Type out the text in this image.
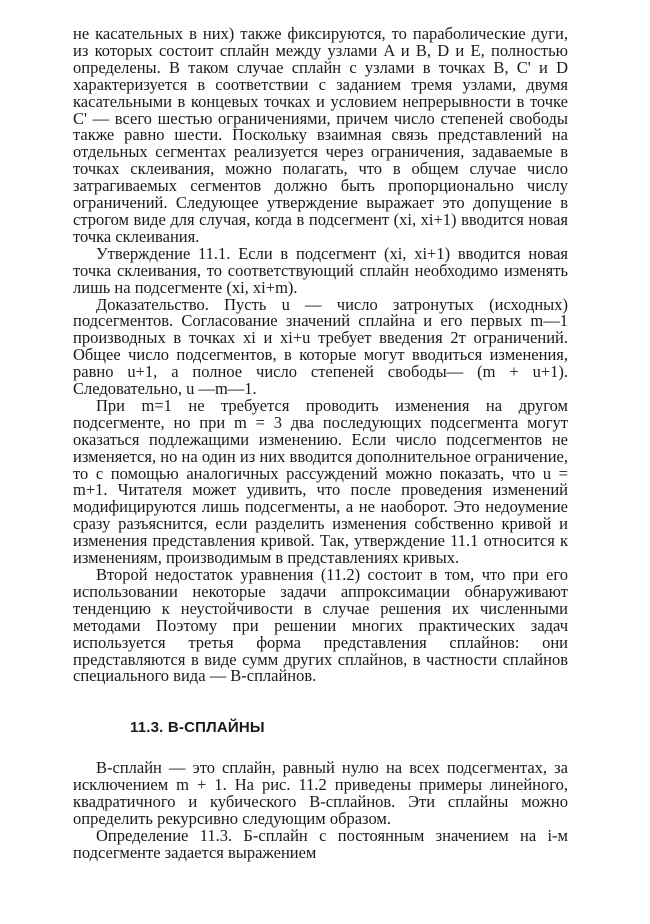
не касательных в них) также фиксируются, то параболические дуги, из которых состоит сплайн между узлами A и B, D и E, полностью определены. В таком случае сплайн с узлами в точках B, C' и D характеризуется в соответствии с заданием тремя узлами, двумя касательными в концевых точках и условием непрерывности в точке C' — всего шестью ограничениями, причем число степеней свободы также равно шести. Поскольку взаимная связь представлений на отдельных сегментах реализуется через ограничения, задаваемые в точках склеивания, можно полагать, что в общем случае число затрагиваемых сегментов должно быть пропорционально числу ограничений. Следующее утверждение выражает это допущение в строгом виде для случая, когда в подсегмент (xi, xi+1) вводится новая точка склеивания.

Утверждение 11.1. Если в подсегмент (xi, xi+1) вводится новая точка склеивания, то соответствующий сплайн необходимо изменять лишь на подсегменте (xi, xi+m).

Доказательство. Пусть u — число затронутых (исходных) подсегментов. Согласование значений сплайна и его первых m—1 производных в точках xi и xi+u требует введения 2т ограничений. Общее число подсегментов, в которые могут вводиться изменения, равно u+1, а полное число степеней свободы— (m + u+1). Следовательно, u —m—1.

При m=1 не требуется проводить изменения на другом подсегменте, но при m = 3 два последующих подсегмента могут оказаться подлежащими изменению. Если число подсегментов не изменяется, но на один из них вводится дополнительное ограничение, то с помощью аналогичных рассуждений можно показать, что u = m+1. Читателя может удивить, что после проведения изменений модифицируются лишь подсегменты, а не наоборот. Это недоумение сразу разъяснится, если разделить изменения собственно кривой и изменения представления кривой. Так, утверждение 11.1 относится к изменениям, производимым в представлениях кривых.

Второй недостаток уравнения (11.2) состоит в том, что при его использовании некоторые задачи аппроксимации обнаруживают тенденцию к неустойчивости в случае решения их численными методами Поэтому при решении многих практических задач используется третья форма представления сплайнов: они представляются в виде сумм других сплайнов, в частности сплайнов специального вида — B-сплайнов.

11.3. B-СПЛАЙНЫ

B-сплайн — это сплайн, равный нулю на всех подсегментах, за исключением m + 1. На рис. 11.2 приведены примеры линейного, квадратичного и кубического B-сплайнов. Эти сплайны можно определить рекурсивно следующим образом.

Определение 11.3. Б-сплайн с постоянным значением на i-м подсегменте задается выражением
